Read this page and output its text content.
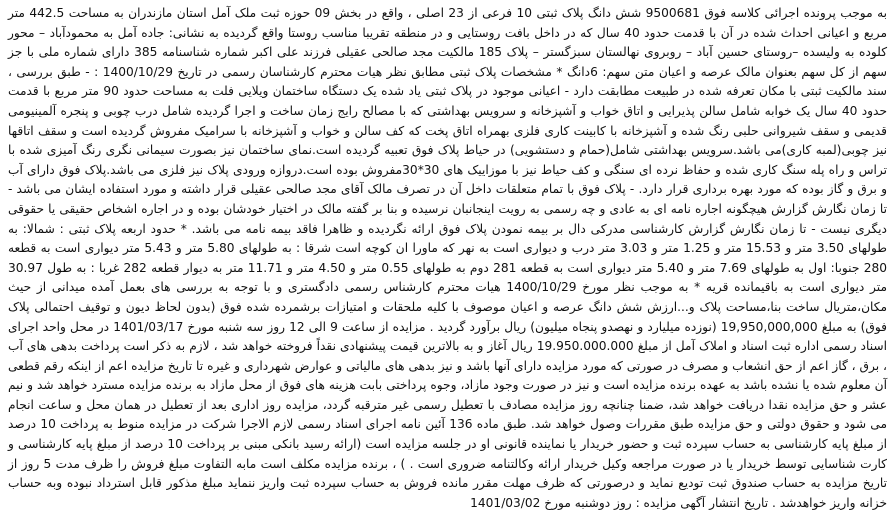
به موجب پرونده اجرائی کلاسه فوق 9500681 شش دانگ پلاک ثبتی 10 فرعی از 23 اصلی ، واقع در بخش 09 حوزه ثبت ملک آمل استان مازندران به مساحت 442.5 متر مربع و اعیانی احداث شده در آن با قدمت حدود 40 سال که در داخل بافت روستایی و در منطقه تقریبا مناسب روستا واقع گردیده به نشانی: جاده آمل به محمودآباد – محور کلوده به ولیسده –روستای حسین آباد – روبروی نهالستان سبزگستر – پلاک 185 مالکیت مجد صالحی عقیلی فرزند علی اکبر شماره شناسنامه 385 دارای شماره ملی با جز سهم از کل سهم بعنوان مالک عرصه و اعیان متن سهم: 6دانگ * مشخصات پلاک ثبتی مطابق نظر هیات محترم کارشناسان رسمی در تاریخ 1400/10/29 : - طبق بررسی ، سند مالکیت ثبتی با مکان تعرفه شده در طبیعت مطابقت دارد - اعیانی موجود در پلاک ثبتی یاد شده یک دستگاه ساختمان ویلایی فلت به مساحت حدود 90 متر مربع با قدمت حدود 40 سال یک خوابه شامل سالن پذیرایی و اتاق خواب و آشپزخانه و سرویس بهداشتی که با مصالح رایج زمان ساخت و اجرا گردیده شامل درب چوبی و پنجره آلمینیومی قدیمی و سقف شیروانی حلبی رنگ شده و آشپزخانه با کابینت کاری فلزی بهمراه اتاق پخت که کف سالن و خواب و آشپزخانه با سرامیک مفروش گردیده است و سقف اتاقها نیز چوبی(لمبه کاری)می باشد.سرویس بهداشتی شامل(حمام و دستشویی) در حیاط پلاک فوق تعبیه گردیده است.نمای ساختمان نیز بصورت سیمانی نگری رنگ آمیزی شده با تراس و راه پله سنگ کاری شده و حفاظ نرده ای سنگی و کف حیاط نیز با موزاییک های 30*30مفروش بوده است.دروازه ورودی پلاک نیز فلزی می باشد.پلاک فوق دارای آب و برق و گاز بوده که مورد بهره برداری قرار دارد. - پلاک فوق با تمام متعلقات داخل آن در تصرف مالک آقای مجد صالحی عقیلی قرار داشته و مورد استفاده ایشان می باشد - تا زمان نگارش گزارش هیچگونه اجاره نامه ای به عادی و چه رسمی به رویت اینجانبان نرسیده و بنا بر گفته مالک در اختیار خودشان بوده و در اجاره اشخاص حقیقی یا حقوقی دیگری نیست - تا زمان نگارش گزارش کارشناسی مدرکی دال بر بیمه نمودن پلاک فوق ارائه نگردیده و ظاهرا فاقد بیمه نامه می باشد. * حدود اربعه پلاک ثبتی : شمالا: به طولهای 3.50 متر و 15.53 متر و 1.25 متر و 3.03 متر درب و دیواری است به نهر که ماورا ان کوچه است شرقا : به طولهای 5.80 متر و 5.43 متر دیواری است به قطعه 280 جنوبا: اول به طولهای 7.69 متر و 5.40 متر دیواری است به قطعه 281 دوم به طولهای 0.55 متر و 4.50 متر و 11.71 متر به دیوار قطعه 282 غربا : به طول 30.97 متر دیواری است به باقیمانده قریه * به موجب نظر مورخ 1400/10/29 هیات محترم کارشناس رسمی دادگستری و با توجه به بررسی های بعمل آمده میدانی از حیث مکان،متریال ساخت بنا،مساحت پلاک و...ارزش شش دانگ عرصه و اعیان موصوف با کلیه ملحقات و امتیازات برشمرده شده فوق (بدون لحاظ دیون و توقیف احتمالی پلاک فوق) به مبلغ 19,950,000,000 (نوزده میلیارد و نهصدو پنجاه میلیون) ریال برآورد گردید . مزایده از ساعت 9 الی 12 روز سه شنبه مورخ 1401/03/17 در محل واحد اجرای اسناد رسمی اداره ثبت اسناد و املاک آمل از مبلغ 19.950.000.000 ریال آغاز و به بالاترین قیمت پیشنهادی نقداً فروخته خواهد شد ، لازم به ذکر است پرداخت بدهی های آب ، برق ، گاز اعم از حق انشعاب و مصرف در صورتی که مورد مزایده دارای آنها باشد و نیز بدهی های مالیاتی و عوارض شهرداری و غیره تا تاریخ مزایده اعم از اینکه رقم قطعی آن معلوم شده یا نشده باشد به عهده برنده مزایده است و نیز در صورت وجود مازاد، وجوه پرداختی بابت هزینه های فوق از محل مازاد به برنده مزایده مسترد خواهد شد و نیم عشر و حق مزایده نقدا دریافت خواهد شد، ضمنا چنانچه روز مزایده مصادف با تعطیل رسمی غیر مترقبه گردد، مزایده روز اداری بعد از تعطیل در همان محل و ساعت انجام می شود و حقوق دولتی و حق مزایده طبق مقررات وصول خواهد شد. طبق ماده 136 آئین نامه اجرای اسناد رسمی لازم الاجرا شرکت در مزایده منوط به پرداخت 10 درصد از مبلغ پایه کارشناسی به حساب سپرده ثبت و حضور خریدار یا نماینده قانونی او در جلسه مزایده است (ارائه رسید بانکی مبنی بر پرداخت 10 درصد از مبلغ پایه کارشناسی و کارت شناسایی توسط خریدار یا در صورت مراجعه وکیل خریدار ارائه وکالتنامه ضروری است . ) ، برنده مزایده مکلف است مابه التفاوت مبلغ فروش را ظرف مدت 5 روز از تاریخ مزایده به حساب صندوق ثبت تودیع نماید و درصورتی که ظرف مهلت مقرر مانده فروش به حساب سپرده ثبت واریز ننماید مبلغ مذکور قابل استرداد نبوده وبه حساب خزانه واریز خواهدشد . تاریخ انتشار آگهی مزایده : روز دوشنبه مورخ 1401/03/02
